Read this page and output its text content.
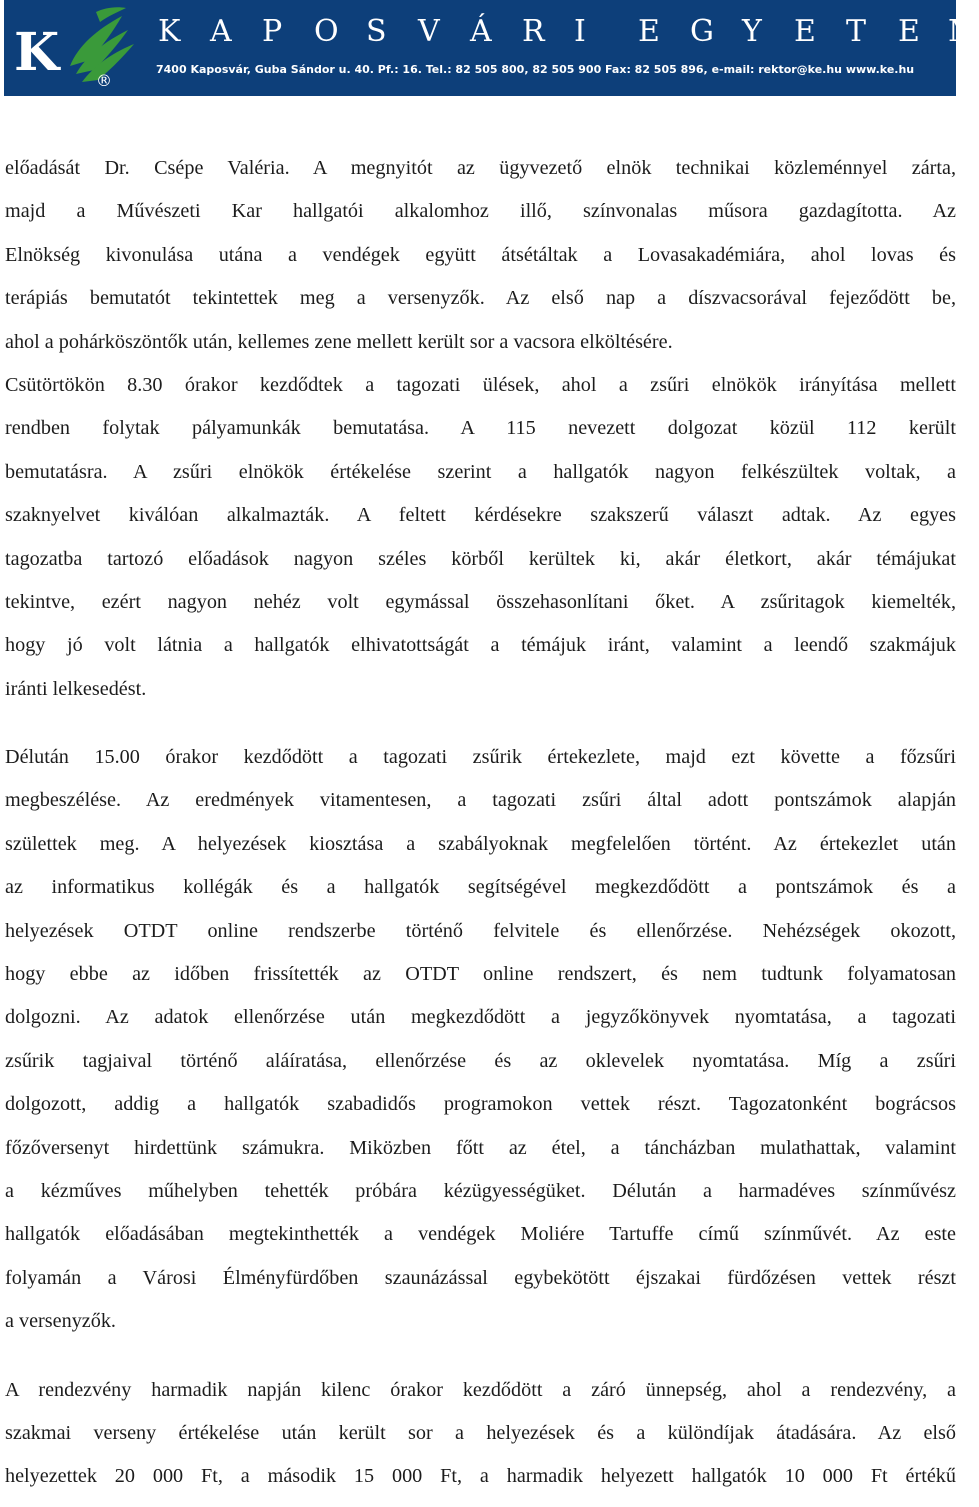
K ®
K A P O S V Á R I E G Y E T E M
7400 Kaposvár, Guba Sándor u. 40. Pf.: 16. Tel.: 82 505 800, 82 505 900 Fax: 82 505 896, e-mail: rektor@ke.hu www.ke.hu

előadását Dr. Csépe Valéria. A megnyitót az ügyvezető elnök technikai közleménnyel zárta,
majd a Művészeti Kar hallgatói alkalomhoz illő, színvonalas műsora gazdagította. Az
Elnökség kivonulása utána a vendégek együtt átsétáltak a Lovasakadémiára, ahol lovas és
terápiás bemutatót tekintettek meg a versenyzők. Az első nap a díszvacsorával fejeződött be,
ahol a pohárköszöntők után, kellemes zene mellett került sor a vacsora elköltésére.
Csütörtökön 8.30 órakor kezdődtek a tagozati ülések, ahol a zsűri elnökök irányítása mellett
rendben folytak pályamunkák bemutatása. A 115 nevezett dolgozat közül 112 került
bemutatásra. A zsűri elnökök értékelése szerint a hallgatók nagyon felkészültek voltak, a
szaknyelvet kiválóan alkalmazták. A feltett kérdésekre szakszerű választ adtak. Az egyes
tagozatba tartozó előadások nagyon széles körből kerültek ki, akár életkort, akár témájukat
tekintve, ezért nagyon nehéz volt egymással összehasonlítani őket. A zsűritagok kiemelték,
hogy jó volt látnia a hallgatók elhivatottságát a témájuk iránt, valamint a leendő szakmájuk
iránti lelkesedést.

Délután 15.00 órakor kezdődött a tagozati zsűrik értekezlete, majd ezt követte a főzsűri
megbeszélése. Az eredmények vitamentesen, a tagozati zsűri által adott pontszámok alapján
születtek meg. A helyezések kiosztása a szabályoknak megfelelően történt. Az értekezlet után
az informatikus kollégák és a hallgatók segítségével megkezdődött a pontszámok és a
helyezések OTDT online rendszerbe történő felvitele és ellenőrzése. Nehézségek okozott,
hogy ebbe az időben frissítették az OTDT online rendszert, és nem tudtunk folyamatosan
dolgozni. Az adatok ellenőrzése után megkezdődött a jegyzőkönyvek nyomtatása, a tagozati
zsűrik tagjaival történő aláíratása, ellenőrzése és az oklevelek nyomtatása. Míg a zsűri
dolgozott, addig a hallgatók szabadidős programokon vettek részt. Tagozatonként bográcsos
főzőversenyt hirdettünk számukra. Miközben főtt az étel, a táncházban mulathattak, valamint
a kézműves műhelyben tehették próbára kézügyességüket. Délután a harmadéves színművész
hallgatók előadásában megtekinthették a vendégek Moliére Tartuffe című színművét. Az este
folyamán a Városi Élményfürdőben szaunázással egybekötött éjszakai fürdőzésen vettek részt
a versenyzők.

A rendezvény harmadik napján kilenc órakor kezdődött a záró ünnepség, ahol a rendezvény, a
szakmai verseny értékelése után került sor a helyezések és a különdíjak átadására. Az első
helyezettek 20 000 Ft, a második 15 000 Ft, a harmadik helyezett hallgatók 10 000 Ft értékű
